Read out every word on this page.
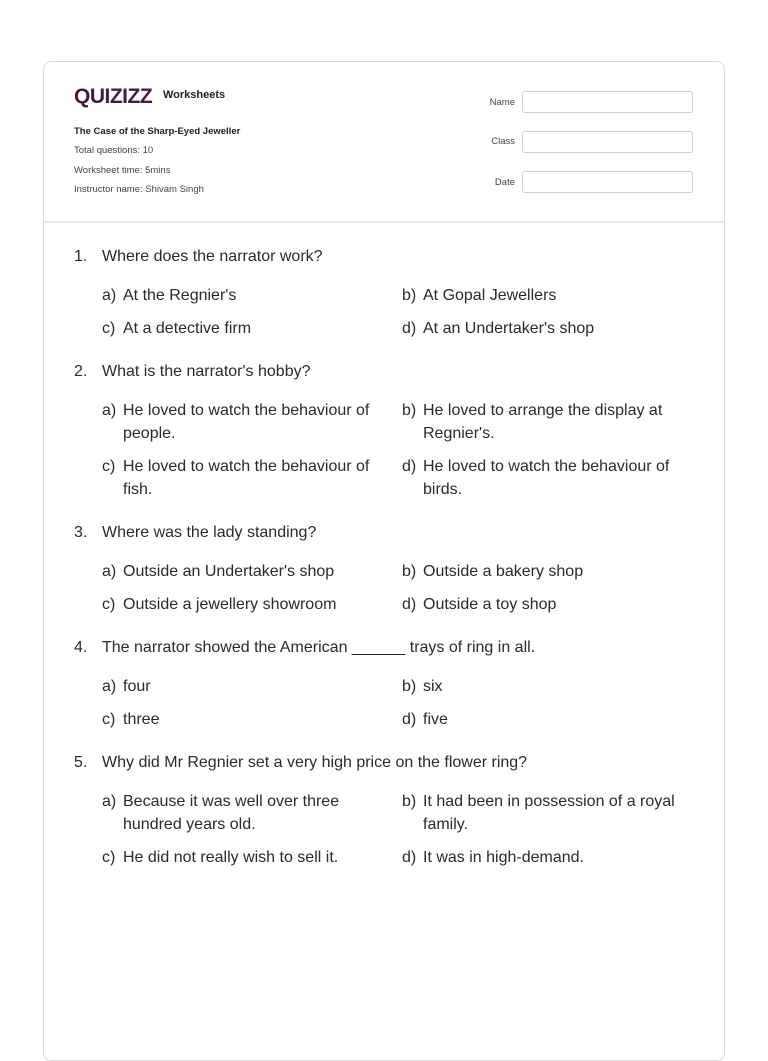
QUIZIZZ Worksheets
The Case of the Sharp-Eyed Jeweller
Total questions: 10
Worksheet time: 5mins
Instructor name: Shivam Singh
Name
Class
Date
1. Where does the narrator work?
a) At the Regnier's	b) At Gopal Jewellers
c) At a detective firm	d) At an Undertaker's shop
2. What is the narrator's hobby?
a) He loved to watch the behaviour of people.
b) He loved to arrange the display at Regnier's.
c) He loved to watch the behaviour of fish.
d) He loved to watch the behaviour of birds.
3. Where was the lady standing?
a) Outside an Undertaker's shop	b) Outside a bakery shop
c) Outside a jewellery showroom	d) Outside a toy shop
4. The narrator showed the American ______ trays of ring in all.
a) four	b) six
c) three	d) five
5. Why did Mr Regnier set a very high price on the flower ring?
a) Because it was well over three hundred years old.
b) It had been in possession of a royal family.
c) He did not really wish to sell it.	d) It was in high-demand.
